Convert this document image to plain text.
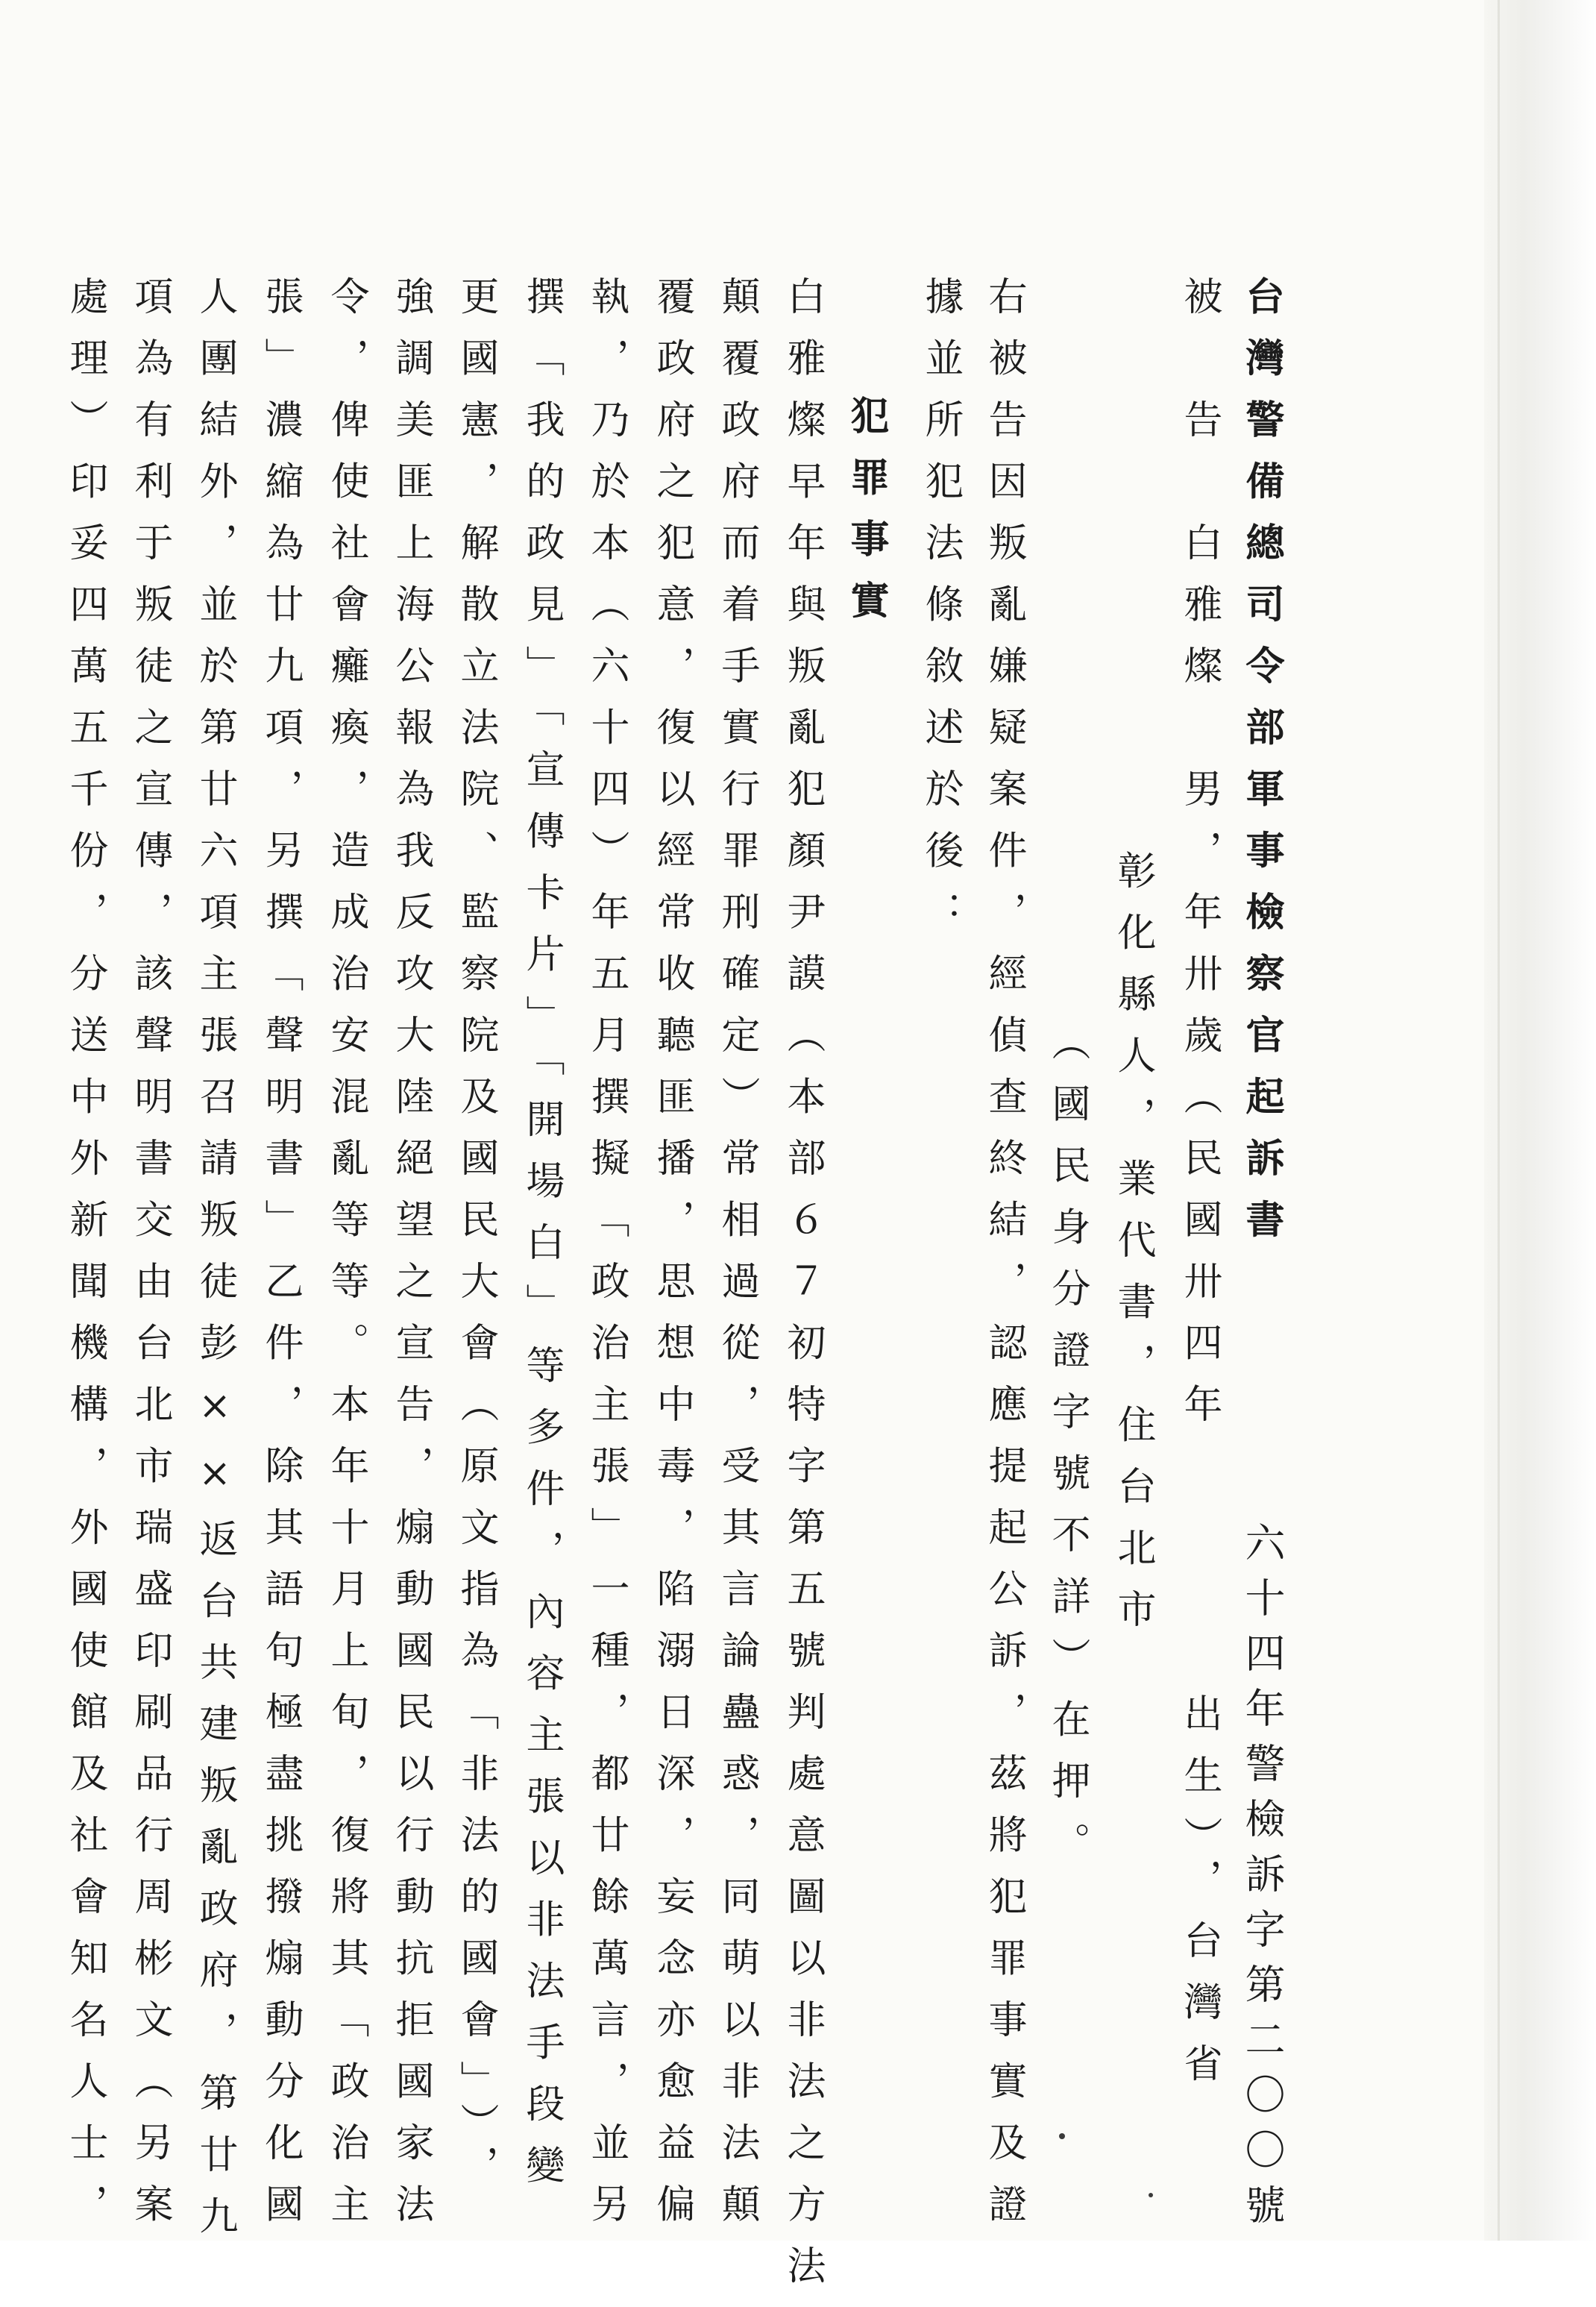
台灣警備總司令部軍事檢察官起訴書
被　告　白雅燦　男，年卅歲（民國卅四年
彰化縣人，業代書，住台北市
（國民身分證字號不詳）在押。
右被告因叛亂嫌疑案件，經偵查終結，認應提起公訴，茲將犯罪事實及證
據並所犯法條敘述於後：
六十四年警檢訴字第二〇〇號
出生），台灣省
犯罪事實
白雅燦早年與叛亂犯顏尹謨（本部６７初特字第五號判處意圖以非法之方法
顛覆政府而着手實行罪刑確定）常相過從，受其言論蠱惑，同萌以非法顛
覆政府之犯意，復以經常收聽匪播，思想中毒，陷溺日深，妄念亦愈益偏
執，乃於本（六十四）年五月撰擬「政治主張」一種，都廿餘萬言，並另
撰「我的政見」「宣傳卡片」「開場白」等多件，內容主張以非法手段變
更國憲，解散立法院、監察院及國民大會（原文指為「非法的國會」），
強調美匪上海公報為我反攻大陸絕望之宣告，煽動國民以行動抗拒國家法
令，俾使社會癱瘓，造成治安混亂等等。本年十月上旬，復將其「政治主
張」濃縮為廿九項，另撰「聲明書」乙件，除其語句極盡挑撥煽動分化國
人團結外，並於第廿六項主張召請叛徒彭××返台共建叛亂政府，第廿九
項為有利于叛徒之宣傳，該聲明書交由台北市瑞盛印刷品行周彬文（另案
處理）印妥四萬五千份，分送中外新聞機構，外國使館及社會知名人士，
